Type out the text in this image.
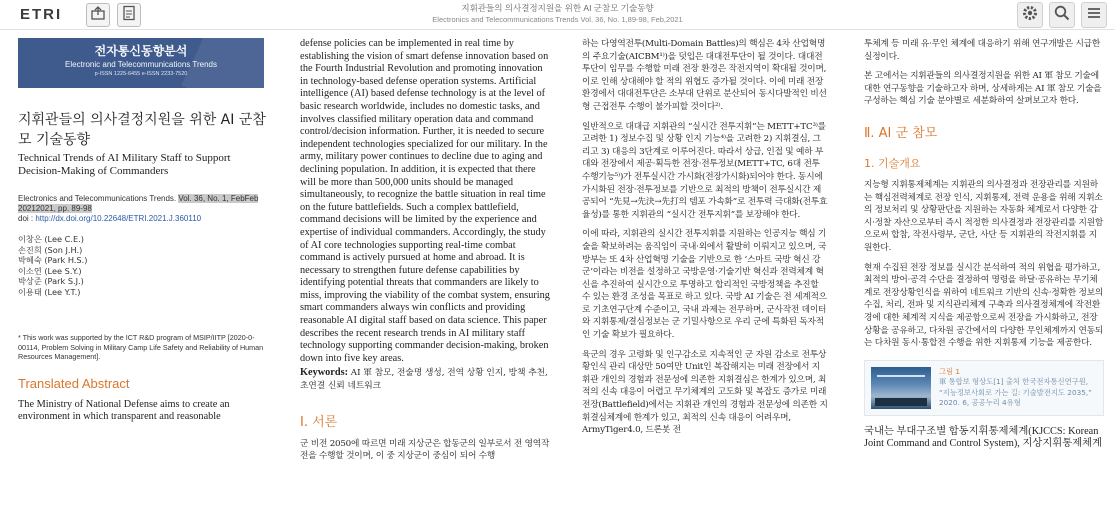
ETRI	지휘관들의 의사결정지원을 위한 AI 군참모 기술동향
Electronics and Telecommunications Trends Vol. 36, No. 1,89-98, Feb,2021
전자통신동향분석
Electronic and Telecommunications Trends
p-ISSN 1225-6455 e-ISSN 2233-7520
지휘관들의 의사결정지원을 위한 AI 군참모 기술동향
Technical Trends of AI Military Staff to Support Decision-Making of Commanders
Electronics and Telecommunications Trends. Vol. 36, No. 1, FebFeb 20212021, pp. 89-98
doi : http://dx.doi.org/10.22648/ETRI.2021.J.360110
이창은 (Lee C.E.)
손진희 (Son J.H.)
박혜숙 (Park H.S.)
이소연 (Lee S.Y.)
박상준 (Park S.J.)
이용태 (Lee Y.T.)
* This work was supported by the ICT R&D program of MSIP/IITP [2020-0-00114, Problem Solving in Military Camp Life Safety and Reliability of Human Resources Management].
Translated Abstract
The Ministry of National Defense aims to create an environment in which transparent and reasonable
defense policies can be implemented in real time by establishing the vision of smart defense innovation based on the Fourth Industrial Revolution and promoting innovation in technology-based defense operation systems. Artificial intelligence (AI) based defense technology is at the level of basic research worldwide, includes no domestic tasks, and involves classified military operation data and command control/decision information. Further, it is needed to secure independent technologies specialized for our military. In the army, military power continues to decline due to aging and declining population. In addition, it is expected that there will be more than 500,000 units should be managed simultaneously, to recognize the battle situation in real time on the future battlefields. Such a complex battlefield, command decisions will be limited by the experience and expertise of individual commanders. Accordingly, the study of AI core technologies supporting real-time combat command is actively pursued at home and abroad. It is necessary to strengthen future defense capabilities by identifying potential threats that commanders are likely to miss, improving the viability of the combat system, ensuring smart commanders always win conflicts and providing reasonable AI digital staff based on data science. This paper describes the recent research trends in AI military staff technology supporting commander decision-making, broken down into five key areas.
Keywords: AI 軍 참모, 전술명 생성, 전역 상황 인지, 방책 추천, 초연결 신뢰 네트워크
Ⅰ. 서론
군 비전 2050에 따르면 미래 지상군은 합동군의 일부로서 전 영역작전을 수행할 것이며, 이 중 지상군이 중심이 되어 수행
하는 다영역전투(Multi-Domain Battles)의 핵심은 4차 산업혁명의 주요기술(AICBM¹⁾)을 덧입은 대대전투단이 될 것이다. 대대전투단이 임무를 수행할 미래 전장 환경은 작전지역이 확대될 것이며, 이로 인해 상대해야 할 적의 위협도 증가될 것이다. 이에 미래 전장 환경에서 대대전투단은 소부대 단위로 분산되어 동시다발적인 비선형 근접전투 수행이 불가피할 것이다²⁾.
일반적으로 대대급 지휘관의 “실시간 전투지휘”는 METT+TC³⁾를 고려한 1) 정보수집 및 상황 인지 기능⁴⁾을 고려한 2) 지휘결심, 그리고 3) 대응의 3단계로 이루어진다. 따라서 상급, 인접 및 예하 부대와 전장에서 제공·획득한 전장·전투정보(METT+TC, 6대 전투수행기능⁵⁾)가 전투실시간 가시화(전장가시화)되어야 한다. 동시에 가시화된 전장·전투정보를 기반으로 최적의 방책이 전투실시간 제공되어 “先見→先決→先打의 템포 가속화”로 전투력 극대화(전투효율성)를 통한 지휘관의 “실시간 전투지휘”를 보장해야 한다.
이에 따라, 지휘관의 실시간 전투지휘를 지원하는 인공지능 핵심 기술을 확보하려는 움직임이 국내·외에서 활발히 이뤄지고 있으며, 국방부는 또 4차 산업혁명 기술을 기반으로 한 ‘스마트 국방 혁신 강군’이라는 비전을 설정하고 국방운영·기술기반 혁신과 전력체계 혁신을 추진하여 실시간으로 투명하고 합리적인 국방정책을 추진할 수 있는 환경 조성을 목표로 하고 있다. 국방 AI 기술은 전 세계적으로 기초연구단계 수준이고, 국내 과제는 전무하며, 군사작전 데이터와 지휘통제/결심정보는 군 기밀사항으로 우리 군에 특화된 독자적인 기술 확보가 필요하다.
육군의 경우 고령화 및 인구감소로 지속적인 군 자원 감소로 전투상황인식 관리 대상만 50여만 Unit인 복잡해지는 미래 전장에서 지휘관 개인의 경험과 전문성에 의존한 지휘결심은 한계가 있으며, 최적의 신속 대응이 어렵고 무기체계의 고도화 및 복잡도 증가로 미래전장(Battlefield)에서는 지휘관 개인의 경험과 전문성에 의존한 지휘결심체계에 한계가 있고, 최적의 신속 대응이 어려우며, ArmyTiger4.0, 드론봇 전
투체계 등 미래 유·무인 체계에 대응하기 위해 연구개발은 시급한 실정이다.
본 고에서는 지휘관들의 의사결정지원을 위한 AI 軍 참모 기술에 대한 연구동향을 기술하고자 하며, 상세하게는 AI 軍 참모 기술을 구성하는 핵심 기술 분야별로 세분화하여 살펴보고자 한다.
Ⅱ. AI 군 참모
1. 기술개요
지능형 지휘통제체계는 지휘관의 의사결정과 전장관리를 지원하는 핵심전력체계로 전장 인식, 지휘통제, 전력 운용을 위해 지휘소의 정보처리 및 상황판단을 지원하는 자동화 체계로서 다양한 감시·정찰 자산으로부터 즉시 적정한 의사결정과 전장관리를 지원함으로써 합참, 작전사령부, 군단, 사단 등 지휘관의 작전지휘를 지원한다.
현재 수집된 전장 정보를 실시간 분석하여 적의 위협을 평가하고, 최적의 방어·공격 수단을 결정하여 명령을 하달·공유하는 무기체계로 전장상황인식을 위하여 네트워크 기반의 신속·정확한 정보의 수집, 처리, 전파 및 지식관리체계 구축과 의사결정체계에 작전환경에 대한 체계적 지식을 제공함으로써 전장을 가시화하고, 전장상황을 공유하고, 다차원 공간에서의 다양한 무인체계까지 연동되는 다차원 동시·통합전 수행을 위한 지휘통제 기능을 제공한다.
그림 1
軍 통합보 형상도[1] 출처 한국전자통신연구원, “지능정보사회로 가는 길: 기술발전지도 2035,” 2020. 6, 공공누리 4유형
국내는 부대구조별 합동지휘통제체계(KJCCS: Korean Joint Command and Control System), 지상지휘통제체계
